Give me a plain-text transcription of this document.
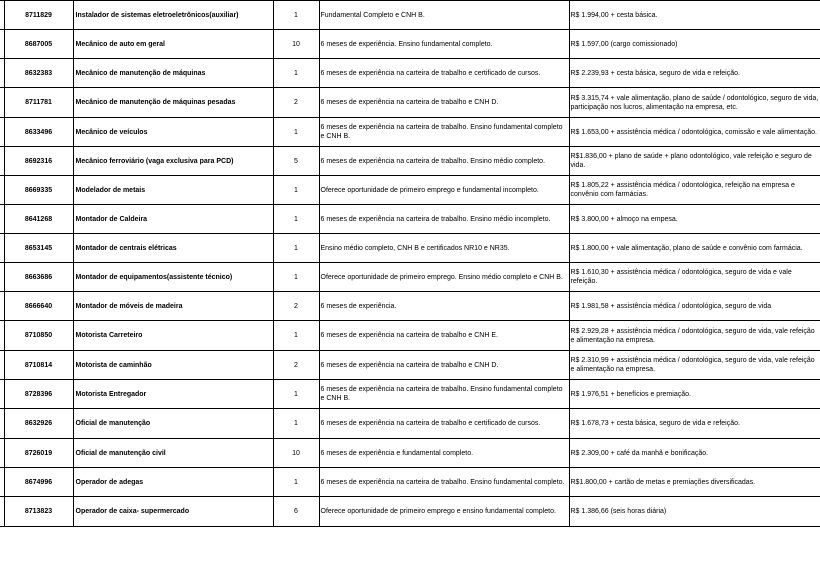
	8711829	Instalador de sistemas eletroeletrônicos(auxiliar)	1	Fundamental Completo e CNH B.	R$ 1.994,00 + cesta básica.
	8687005	Mecânico de auto em geral	10	6 meses de experiência. Ensino fundamental completo.	R$ 1.597,00 (cargo comissionado)
	8632383	Mecânico de manutenção de máquinas	1	6 meses de experiência na carteira de trabalho e certificado de cursos.	R$ 2.239,93 + cesta básica, seguro de vida e refeição.
	8711781	Mecânico de manutenção de máquinas pesadas	2	6 meses de experiência na carteira de trabalho e CNH D.	R$ 3.315,74 + vale alimentação, plano de saúde / odontológico, seguro de vida, participação nos lucros, alimentação na empresa, etc.
	8633496	Mecânico de veículos	1	6 meses de experiência na carteira de trabalho. Ensino fundamental completo e CNH B.	R$ 1.653,00 + assistência médica / odontológica, comissão e vale alimentação.
	8692316	Mecânico ferroviário (vaga exclusiva para PCD)	5	6 meses de experiência na carteira de trabalho. Ensino médio completo.	R$1.836,00 + plano de saúde + plano odontológico, vale refeição e seguro de vida.
	8669335	Modelador de metais	1	Oferece oportunidade de primeiro emprego e fundamental incompleto.	R$ 1.805,22 + assistência médica / odontológica, refeição na empresa e convênio com farmácias.
	8641268	Montador de Caldeira	1	6 meses de experiência na carteira de trabalho. Ensino médio incompleto.	R$ 3.800,00 + almoço na empesa.
	8653145	Montador de centrais elétricas	1	Ensino médio completo, CNH B e certificados NR10 e NR35.	R$ 1.800,00 + vale alimentação, plano de saúde e convênio com farmácia.
	8663686	Montador de equipamentos(assistente técnico)	1	Oferece oportunidade de primeiro emprego. Ensino médio completo e CNH B.	R$ 1.610,30 + assistência médica / odontológica, seguro de vida e vale refeição.
	8666640	Montador de móveis de madeira	2	6 meses de experiência.	R$ 1.981,58 + assistência médica / odontológica, seguro de vida
	8710850	Motorista Carreteiro	1	6 meses de experiência na carteira de trabalho e CNH E.	R$ 2.929,28 + assistência médica / odontológica, seguro de vida, vale refeição e alimentação na empresa.
	8710814	Motorista de caminhão	2	6 meses de experiência na carteira de trabalho e CNH D.	R$ 2.310,99 + assistência médica / odontológica, seguro de vida, vale refeição e alimentação na empresa.
	8728396	Motorista Entregador	1	6 meses de experiência na carteira de trabalho. Ensino fundamental completo e CNH B.	R$ 1.976,51 + benefícios e premiação.
	8632926	Oficial de manutenção	1	6 meses de experiência na carteira de trabalho e certificado de cursos.	R$ 1.678,73 + cesta básica, seguro de vida e refeição.
	8726019	Oficial de manutenção civil	10	6 meses de experiência e fundamental completo.	R$ 2.309,00 + café da manhã e bonificação.
	8674996	Operador de adegas	1	6 meses de experiência na carteira de trabalho. Ensino fundamental completo.	R$1.800,00 + cartão de metas e premiações diversificadas.
	8713823	Operador de caixa- supermercado	6	Oferece oportunidade de primeiro emprego e ensino fundamental completo.	R$ 1.386,66 (seis horas diária)
